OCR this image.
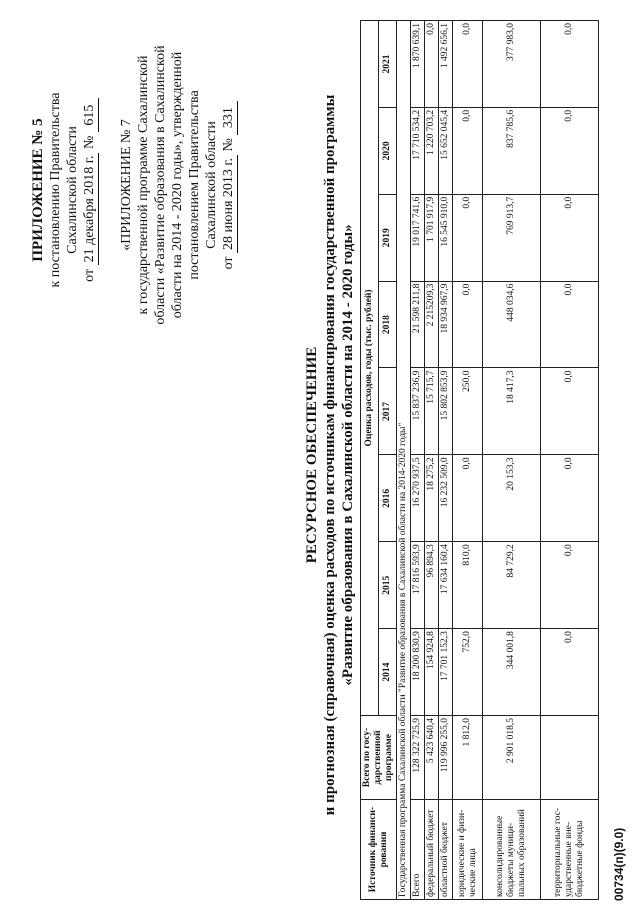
ПРИЛОЖЕНИЕ № 5 к постановлению Правительства Сахалинской области
от 21 декабря 2018 г. № 615
«ПРИЛОЖЕНИЕ № 7 к государственной программе Сахалинской области «Развитие образования в Сахалинской области на 2014 - 2020 годы», утвержденной постановлением Правительства Сахалинской области
от 28 июня 2013 г. № 331
РЕСУРСНОЕ ОБЕСПЕЧЕНИЕ и прогнозная (справочная) оценка расходов по источникам финансирования государственной программы «Развитие образования в Сахалинской области на 2014 - 2020 годы»
Источник финанси-рования	Всего по госу-дарственной программе	Оценка расходов, годы (тыс. рублей)							
		2014	2015	2016	2017	2018	2019	2020	2021
Государственная программа Сахалинской области "Развитие образования в Сахалинской области на 2014-2020 годы"									
Всего	128 322 725,9	18 200 830,9	17 816 593,9	16 270 937,5	15 837 236,9	21 598 211,8	19 017 741,6	17 710 534,2	1 870 639,1
федеральный бюджет	5 423 640,4	154 924,8	96 894,3	18 275,2	15 715,7	2 215209,3	1 701 917,9	1 220 703,2	0,0
областной бюджет	119 996 255,0	17 701 152,3	17 634 160,4	16 232 509,0	15 802 853,9	18 934 967,9	16 545 910,0	15 652 045,4	1 492 656,1
юридические и физи-ческие лица	1 812,0	752,0	810,0	0,0	250,0	0,0	0,0	0,0	0,0
консолидированные бюджеты муници-пальных образований	2 901 018,5	344 001,8	84 729,2	20 153,3	18 417,3	448 034,6	769 913,7	837 785,6	377 983,0
территориальные гос-ударственные вне-бюджетные фонды		0,0	0,0	0,0	0,0	0,0	0,0	0,0	0,0
00734(п)(9.0)
